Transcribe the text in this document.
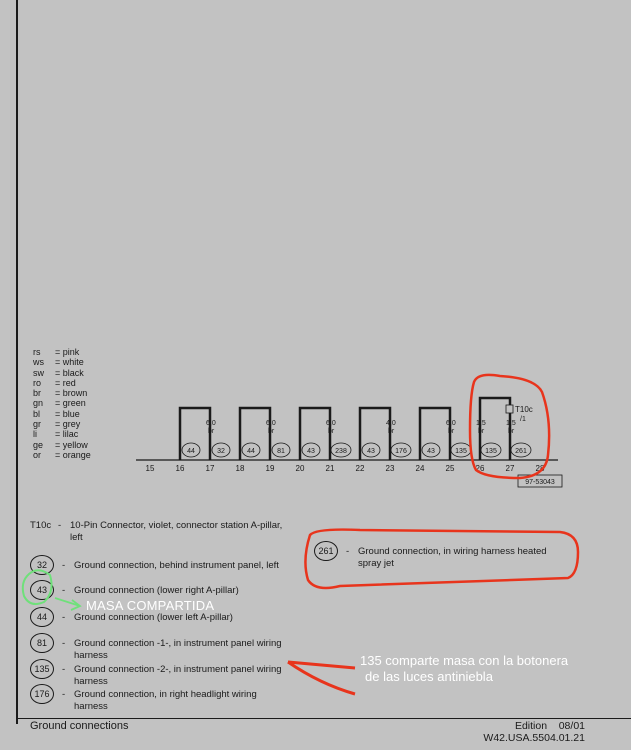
rs	= pink
ws	= white
sw	= black
ro	= red
br	= brown
gn	= green
bl	= blue
gr	= grey
li	= lilac
ge	= yellow
or	= orange
6,0
br
44	32
6,0
br
44	81
6,0
br
43	238
4,0
br
43	176
6,0
br
43	135
T10c
/1
1,5
br
1,5
br
135	261
15	16	17	18	19	20	21	22	23	24	25	26	27	28
97-53043
T10c - 10-Pin Connector, violet, connector station A-pillar, left
32	- Ground connection, behind instrument panel, left
43	- Ground connection (lower right A-pillar)
44	- Ground connection (lower left A-pillar)
81	- Ground connection -1-, in instrument panel wiring harness
135	- Ground connection -2-, in instrument panel wiring harness
176	- Ground connection, in right headlight wiring harness
261	- Ground connection, in wiring harness heated spray jet
MASA COMPARTIDA
135 comparte masa con la botonera
de las luces antiniebla
Ground connections	Edition 08/01
W42.USA.5504.01.21
